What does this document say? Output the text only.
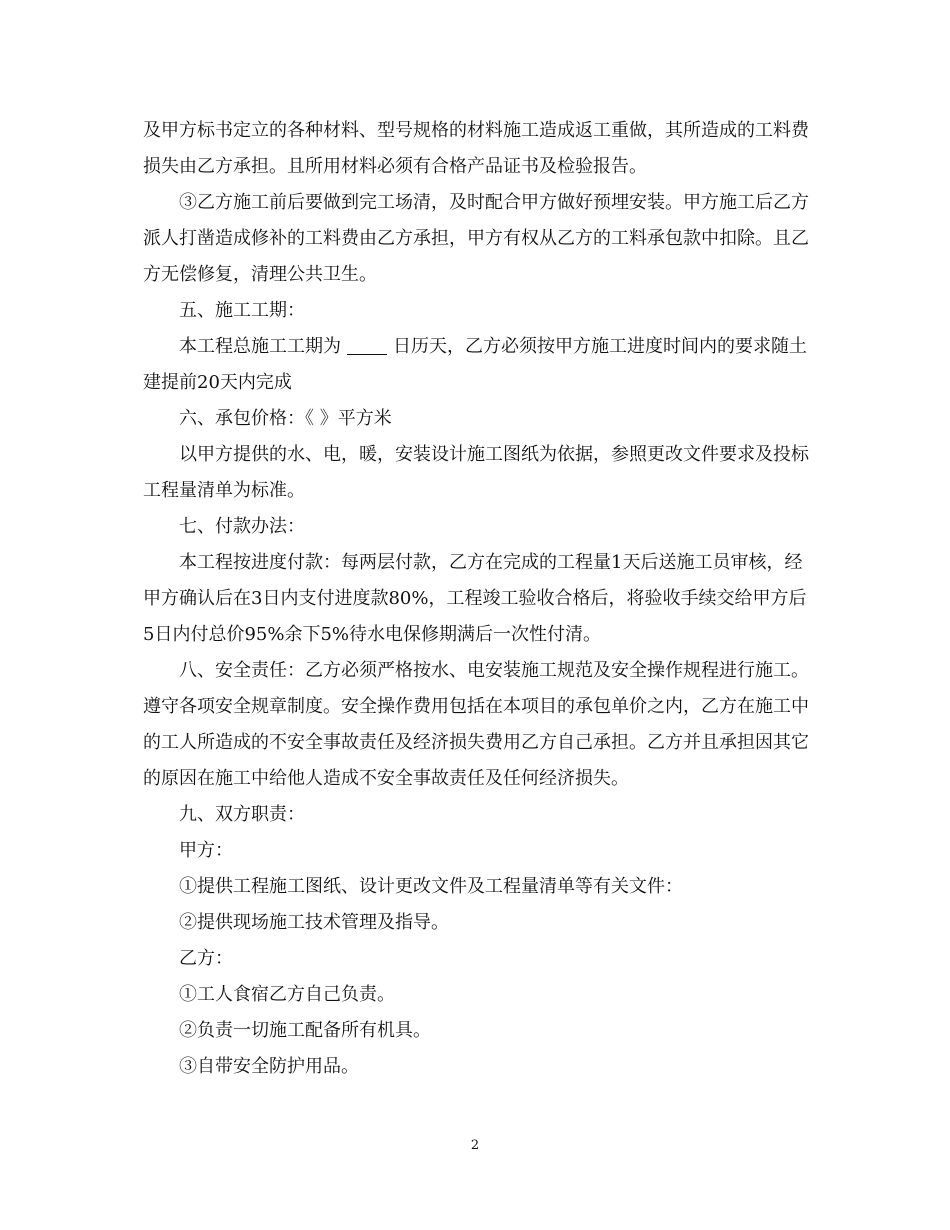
及甲方标书定立的各种材料、型号规格的材料施工造成返工重做，其所造成的工料费损失由乙方承担。且所用材料必须有合格产品证书及检验报告。

③乙方施工前后要做到完工场清，及时配合甲方做好预埋安装。甲方施工后乙方派人打凿造成修补的工料费由乙方承担，甲方有权从乙方的工料承包款中扣除。且乙方无偿修复，清理公共卫生。

五、施工工期：

本工程总施工工期为	日历天，乙方必须按甲方施工进度时间内的要求随土建提前20天内完成

六、承包价格：《 》平方米

以甲方提供的水、电，暖，安装设计施工图纸为依据，参照更改文件要求及投标工程量清单为标准。

七、付款办法：

本工程按进度付款：每两层付款，乙方在完成的工程量1天后送施工员审核，经甲方确认后在3日内支付进度款80%，工程竣工验收合格后，将验收手续交给甲方后5日内付总价95%余下5%待水电保修期满后一次性付清。

八、安全责任：乙方必须严格按水、电安装施工规范及安全操作规程进行施工。遵守各项安全规章制度。安全操作费用包括在本项目的承包单价之内，乙方在施工中的工人所造成的不安全事故责任及经济损失费用乙方自己承担。乙方并且承担因其它的原因在施工中给他人造成不安全事故责任及任何经济损失。

九、双方职责：

甲方：

①提供工程施工图纸、设计更改文件及工程量清单等有关文件：

②提供现场施工技术管理及指导。

乙方：

①工人食宿乙方自己负责。

②负责一切施工配备所有机具。

③自带安全防护用品。

2
